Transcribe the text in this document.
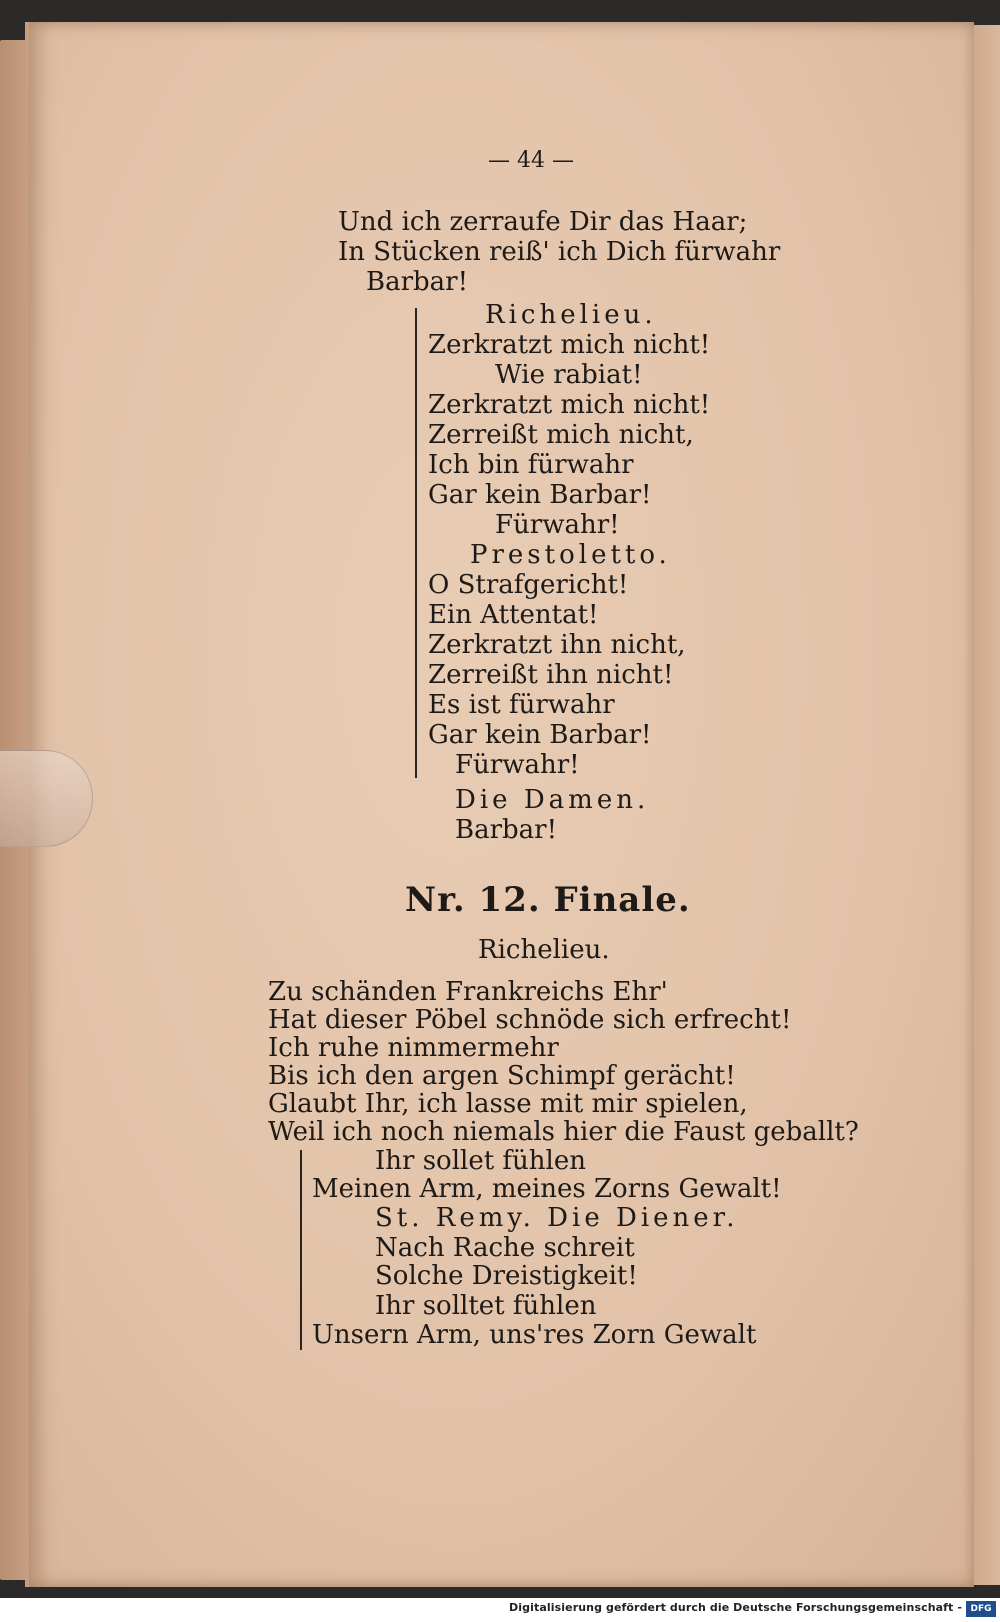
— 44 —
Und ich zerraufe Dir das Haar;
In Stücken reiß' ich Dich fürwahr
Barbar!
Richelieu.
Zerkratzt mich nicht!
Wie rabiat!
Zerkratzt mich nicht!
Zerreißt mich nicht,
Ich bin fürwahr
Gar kein Barbar!
Fürwahr!
Prestoletto.
O Strafgericht!
Ein Attentat!
Zerkratzt ihn nicht,
Zerreißt ihn nicht!
Es ist fürwahr
Gar kein Barbar!
Fürwahr!
Die Damen.
Barbar!
Nr. 12. Finale.
Richelieu.
Zu schänden Frankreichs Ehr'
Hat dieser Pöbel schnöde sich erfrecht!
Ich ruhe nimmermehr
Bis ich den argen Schimpf gerächt!
Glaubt Ihr, ich lasse mit mir spielen,
Weil ich noch niemals hier die Faust geballt?
Ihr sollet fühlen
Meinen Arm, meines Zorns Gewalt!
St. Remy. Die Diener.
Nach Rache schreit
Solche Dreistigkeit!
Ihr solltet fühlen
Unsern Arm, uns'res Zorn Gewalt
Digitalisierung gefördert durch die Deutsche Forschungsgemeinschaft - DFG
